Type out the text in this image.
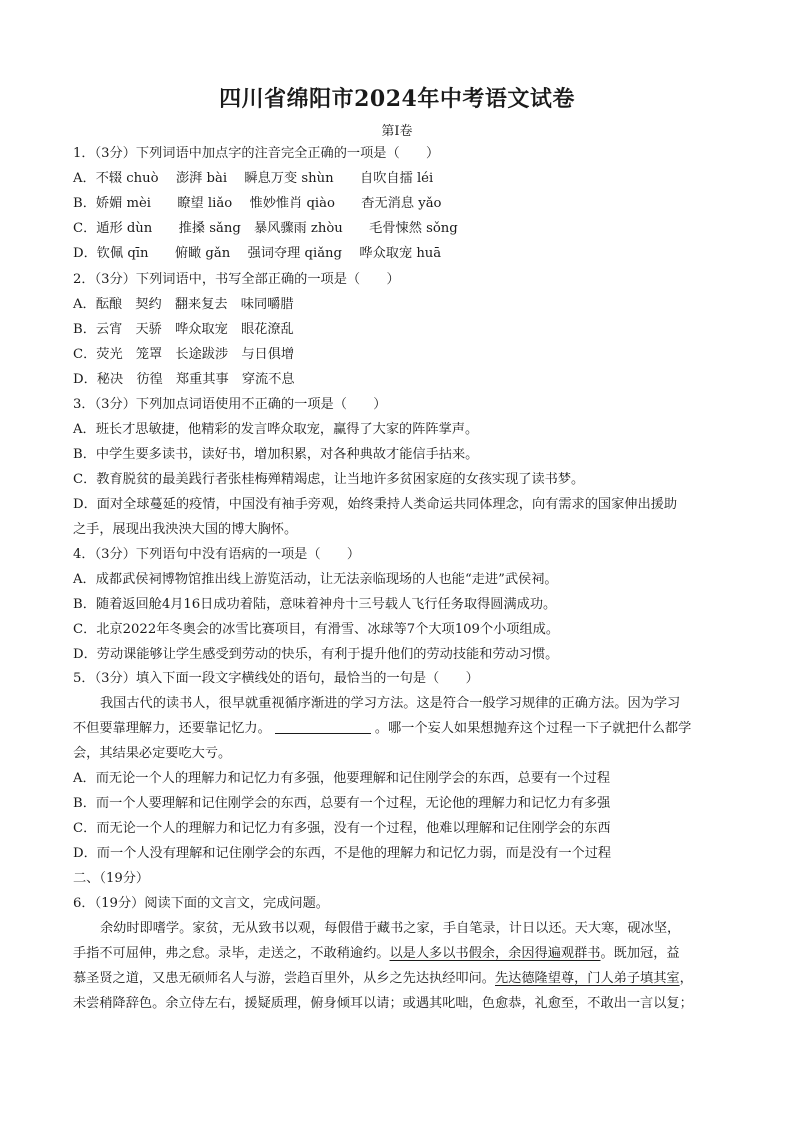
四川省绵阳市2024年中考语文试卷
第Ⅰ卷
1．（3分）下列词语中加点字的注音完全正确的一项是（　　）
A．不辍 chuò　 澎湃 bài　 瞬息万变 shùn　　自吹自擂 léi
B．娇媚 mèi　　瞭望 liǎo　 惟妙惟肖 qiào　　杳无消息 yǎo
C．遁形 dùn　　推搡 sǎng　暴风骤雨 zhòu　　毛骨悚然 sǒng
D．钦佩 qīn　　俯瞰 gǎn　 强词夺理 qiǎng　 哗众取宠 huā
2．（3分）下列词语中，书写全部正确的一项是（　　）
A．酝酿　契约　翻来复去　味同嚼腊
B．云宵　天骄　哗众取宠　眼花潦乱
C．荧光　笼罩　长途跋涉　与日俱增
D．秘决　彷徨　郑重其事　穿流不息
3．（3分）下列加点词语使用不正确的一项是（　　）
A．班长才思敏捷，他精彩的发言哗众取宠，赢得了大家的阵阵掌声。
B．中学生要多读书，读好书，增加积累，对各种典故才能信手拈来。
C．教育脱贫的最美践行者张桂梅殚精竭虑，让当地许多贫困家庭的女孩实现了读书梦。
D．面对全球蔓延的疫情，中国没有袖手旁观，始终秉持人类命运共同体理念，向有需求的国家伸出援助
之手，展现出我泱泱大国的博大胸怀。
4．（3分）下列语句中没有语病的一项是（　　）
A．成都武侯祠博物馆推出线上游览活动，让无法亲临现场的人也能“走进”武侯祠。
B．随着返回舱4月16日成功着陆，意味着神舟十三号载人飞行任务取得圆满成功。
C．北京2022年冬奥会的冰雪比赛项目，有滑雪、冰球等7个大项109个小项组成。
D．劳动课能够让学生感受到劳动的快乐，有利于提升他们的劳动技能和劳动习惯。
5．（3分）填入下面一段文字横线处的语句，最恰当的一句是（　　）
我国古代的读书人，很早就重视循序渐进的学习方法。这是符合一般学习规律的正确方法。因为学习
不但要靠理解力，还要靠记忆力。	。哪一个妄人如果想抛弃这个过程一下子就把什么都学
会，其结果必定要吃大亏。
A．而无论一个人的理解力和记忆力有多强，他要理解和记住刚学会的东西，总要有一个过程
B．而一个人要理解和记住刚学会的东西，总要有一个过程，无论他的理解力和记忆力有多强
C．而无论一个人的理解力和记忆力有多强，没有一个过程，他难以理解和记住刚学会的东西
D．而一个人没有理解和记住刚学会的东西，不是他的理解力和记忆力弱，而是没有一个过程
二、（19分）
6．（19分）阅读下面的文言文，完成问题。
余幼时即嗜学。家贫，无从致书以观，每假借于藏书之家，手自笔录，计日以还。天大寒，砚冰坚，
手指不可屈伸，弗之怠。录毕，走送之，不敢稍逾约。以是人多以书假余，余因得遍观群书。既加冠，益
慕圣贤之道，又患无硕师名人与游，尝趋百里外，从乡之先达执经叩问。先达德隆望尊，门人弟子填其室，
未尝稍降辞色。余立侍左右，援疑质理，俯身倾耳以请；或遇其叱咄，色愈恭，礼愈至，不敢出一言以复；
